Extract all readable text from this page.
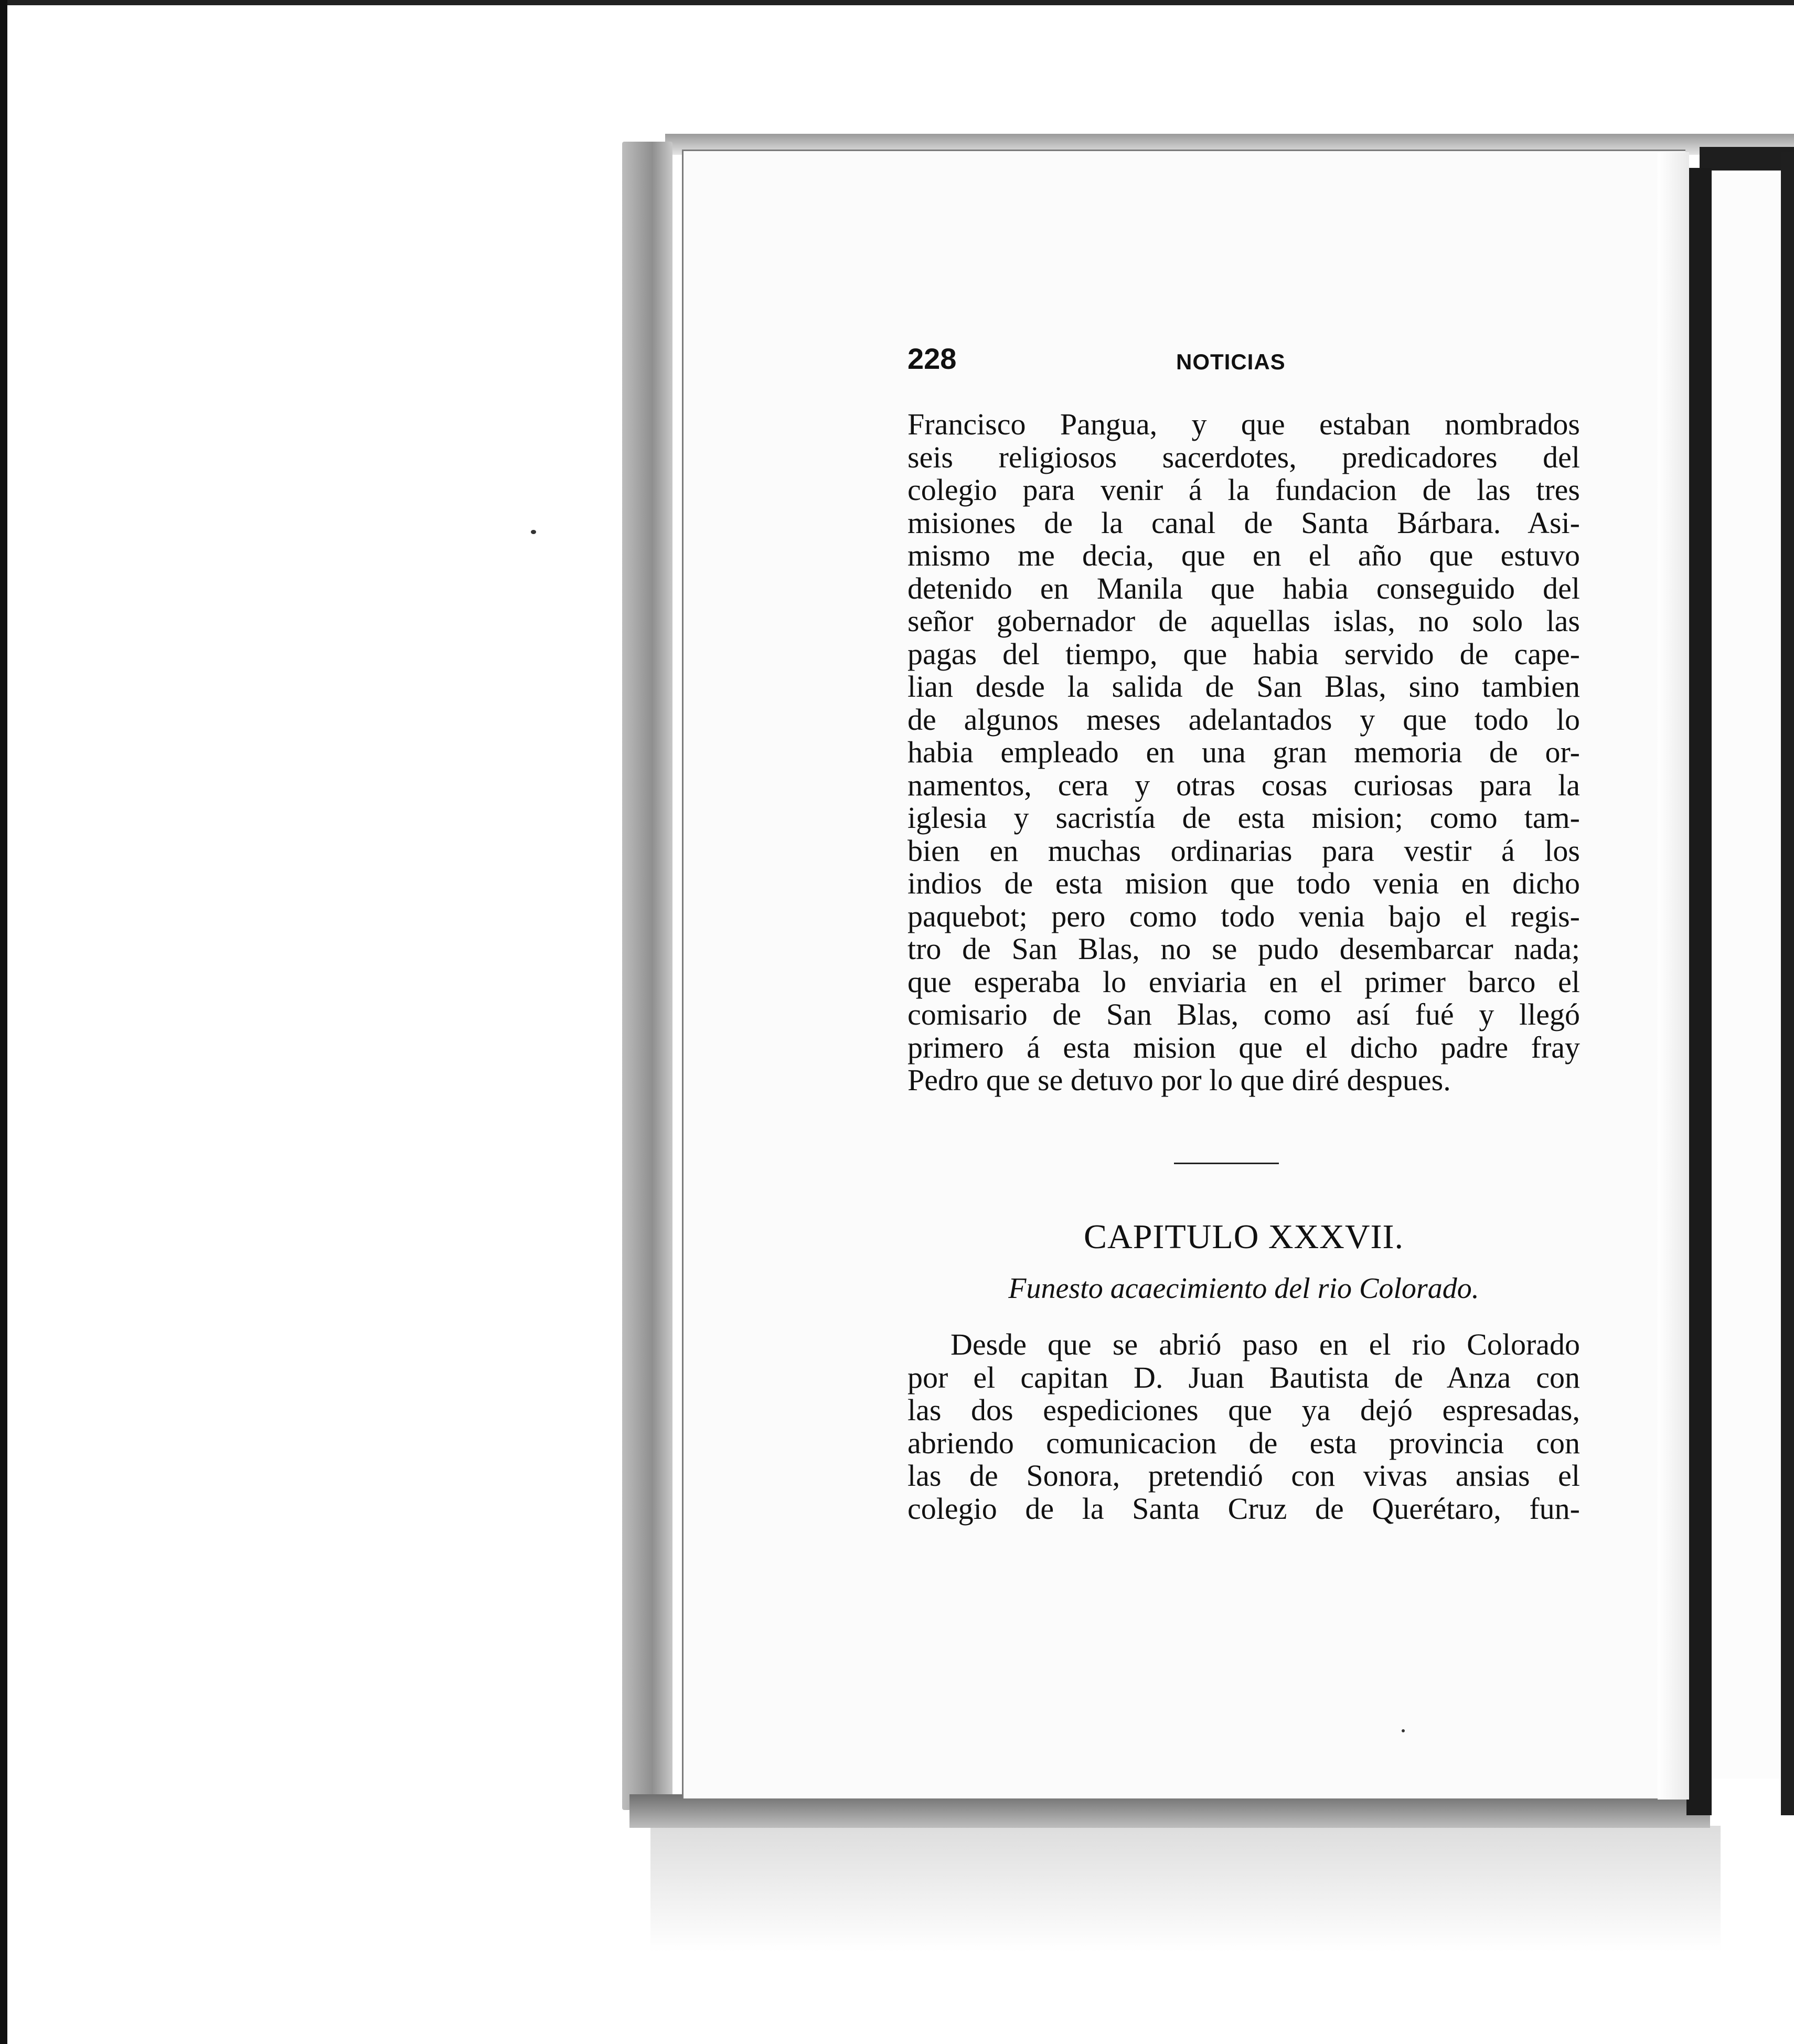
228	NOTICIAS
Francisco Pangua, y que estaban nombrados
seis religiosos sacerdotes, predicadores del
colegio para venir á la fundacion de las tres
misiones de la canal de Santa Bárbara. Asi-
mismo me decia, que en el año que estuvo
detenido en Manila que habia conseguido del
señor gobernador de aquellas islas, no solo las
pagas del tiempo, que habia servido de cape-
lian desde la salida de San Blas, sino tambien
de algunos meses adelantados y que todo lo
habia empleado en una gran memoria de or-
namentos, cera y otras cosas curiosas para la
iglesia y sacristía de esta mision; como tam-
bien en muchas ordinarias para vestir á los
indios de esta mision que todo venia en dicho
paquebot; pero como todo venia bajo el regis-
tro de San Blas, no se pudo desembarcar nada;
que esperaba lo enviaria en el primer barco el
comisario de San Blas, como así fué y llegó
primero á esta mision que el dicho padre fray
Pedro que se detuvo por lo que diré despues.
CAPITULO XXXVII.
Funesto acaecimiento del rio Colorado.
Desde que se abrió paso en el rio Colorado
por el capitan D. Juan Bautista de Anza con
las dos espediciones que ya dejó espresadas,
abriendo comunicacion de esta provincia con
las de Sonora, pretendió con vivas ansias el
colegio de la Santa Cruz de Querétaro, fun-
